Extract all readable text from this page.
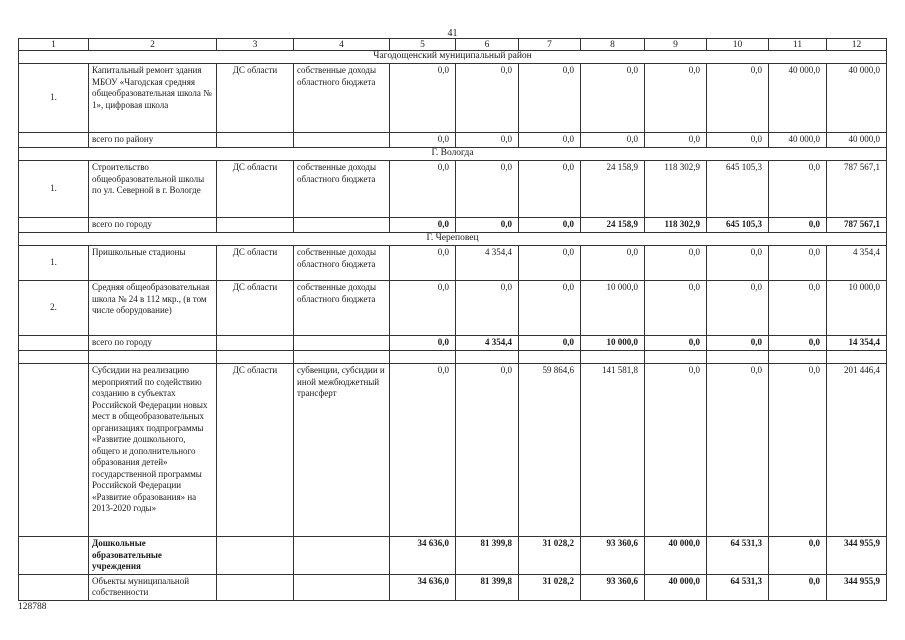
41
1	2	3	4	5	6	7	8	9	10	11	12
Чагодощенский муниципальный район											
1.	Капитальный ремонт здания МБОУ «Чагодская средняя общеобразовательная школа № 1», цифровая школа	ДС области	собственные доходы областного бюджета	0,0	0,0	0,0	0,0	0,0	0,0	40 000,0	40 000,0
	всего по району			0,0	0,0	0,0	0,0	0,0	0,0	40 000,0	40 000,0
Г. Вологда											
1.	Строительство общеобразовательной школы по ул. Северной в г. Вологде	ДС области	собственные доходы областного бюджета	0,0	0,0	0,0	24 158,9	118 302,9	645 105,3	0,0	787 567,1
	всего по городу			0,0	0,0	0,0	24 158,9	118 302,9	645 105,3	0,0	787 567,1
Г. Череповец											
1.	Пришкольные стадионы	ДС области	собственные доходы областного бюджета	0,0	4 354,4	0,0	0,0	0,0	0,0	0,0	4 354,4
2.	Средняя общеобразовательная школа № 24 в 112 мкр., (в том числе оборудование)	ДС области	собственные доходы областного бюджета	0,0	0,0	0,0	10 000,0	0,0	0,0	0,0	10 000,0
	всего по городу			0,0	4 354,4	0,0	10 000,0	0,0	0,0	0,0	14 354,4

	Субсидии на реализацию мероприятий по содействию созданию в субъектах Российской Федерации новых мест в общеобразовательных организациях подпрограммы «Развитие дошкольного, общего и дополнительного образования детей» государственной программы Российской Федерации «Развитие образования» на 2013-2020 годы»	ДС области	субвенции, субсидии и иной межбюджетный трансферт	0,0	0,0	59 864,6	141 581,8	0,0	0,0	0,0	201 446,4
	Дошкольные образовательные учреждения			34 636,0	81 399,8	31 028,2	93 360,6	40 000,0	64 531,3	0,0	344 955,9
	Объекты муниципальной собственности			34 636,0	81 399,8	31 028,2	93 360,6	40 000,0	64 531,3	0,0	344 955,9
128788
